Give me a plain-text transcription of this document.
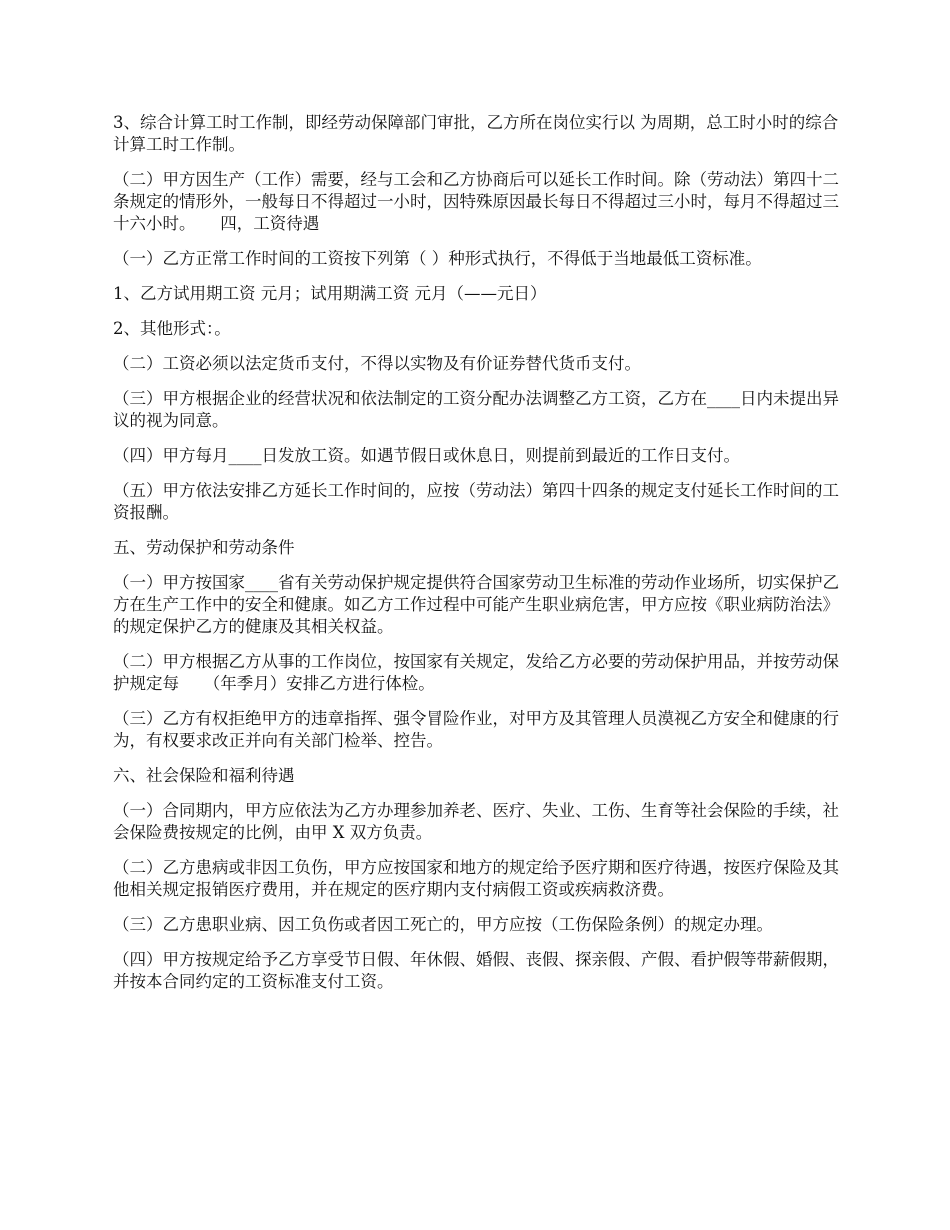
3、综合计算工时工作制，即经劳动保障部门审批，乙方所在岗位实行以 为周期，总工时小时的综合计算工时工作制。

（二）甲方因生产（工作）需要，经与工会和乙方协商后可以延长工作时间。除（劳动法）第四十二条规定的情形外，一般每日不得超过一小时，因特殊原因最长每日不得超过三小时，每月不得超过三十六小时。　　四，工资待遇

（一）乙方正常工作时间的工资按下列第（ ）种形式执行，不得低于当地最低工资标准。

1、乙方试用期工资 元月；试用期满工资 元月（——元日）

2、其他形式：。

（二）工资必须以法定货币支付，不得以实物及有价证券替代货币支付。

（三）甲方根据企业的经营状况和依法制定的工资分配办法调整乙方工资，乙方在____日内未提出异议的视为同意。

（四）甲方每月____日发放工资。如遇节假日或休息日，则提前到最近的工作日支付。

（五）甲方依法安排乙方延长工作时间的，应按（劳动法）第四十四条的规定支付延长工作时间的工资报酬。

五、劳动保护和劳动条件

（一）甲方按国家____省有关劳动保护规定提供符合国家劳动卫生标准的劳动作业场所，切实保护乙方在生产工作中的安全和健康。如乙方工作过程中可能产生职业病危害，甲方应按《职业病防治法》的规定保护乙方的健康及其相关权益。

（二）甲方根据乙方从事的工作岗位，按国家有关规定，发给乙方必要的劳动保护用品，并按劳动保护规定每　　（年季月）安排乙方进行体检。

（三）乙方有权拒绝甲方的违章指挥、强令冒险作业，对甲方及其管理人员漠视乙方安全和健康的行为，有权要求改正并向有关部门检举、控告。

六、社会保险和福利待遇

（一）合同期内，甲方应依法为乙方办理参加养老、医疗、失业、工伤、生育等社会保险的手续，社会保险费按规定的比例，由甲 X 双方负责。

（二）乙方患病或非因工负伤，甲方应按国家和地方的规定给予医疗期和医疗待遇，按医疗保险及其他相关规定报销医疗费用，并在规定的医疗期内支付病假工资或疾病救济费。

（三）乙方患职业病、因工负伤或者因工死亡的，甲方应按（工伤保险条例）的规定办理。

（四）甲方按规定给予乙方享受节日假、年休假、婚假、丧假、探亲假、产假、看护假等带薪假期，并按本合同约定的工资标准支付工资。
